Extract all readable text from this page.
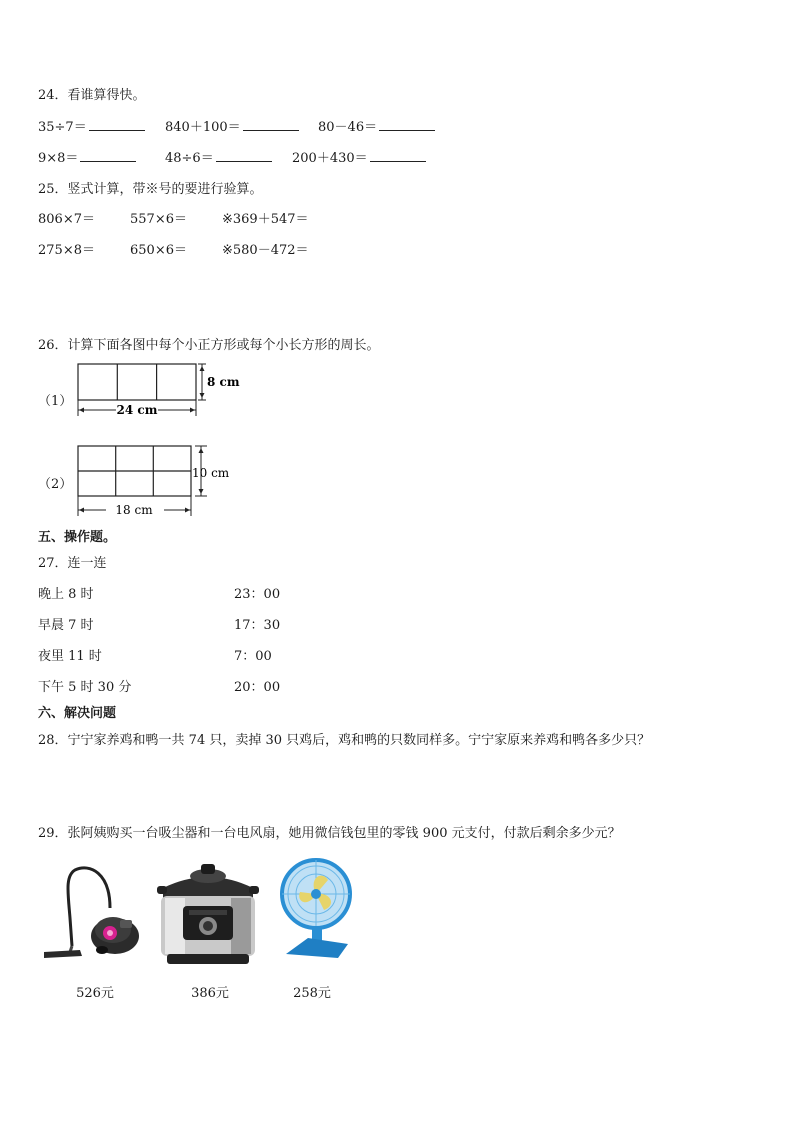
24．看谁算得快。
35÷7＝	840＋100＝	80－46＝
9×8＝	48÷6＝	200＋430＝
25．竖式计算，带※号的要进行验算。
806×7＝	557×6＝	※369＋547＝
275×8＝	650×6＝	※580－472＝
26．计算下面各图中每个小正方形或每个小长方形的周长。
（1）
8 cm
24 cm
（2）
10 cm
18 cm
五、操作题。
27．连一连
晚上 8 时	23：00
早晨 7 时	17：30
夜里 11 时	7：00
下午 5 时 30 分	20：00
六、解决问题
28．宁宁家养鸡和鸭一共 74 只，卖掉 30 只鸡后，鸡和鸭的只数同样多。宁宁家原来养鸡和鸭各多少只？
29．张阿姨购买一台吸尘器和一台电风扇，她用微信钱包里的零钱 900 元支付，付款后剩余多少元？
526元	386元	258元
